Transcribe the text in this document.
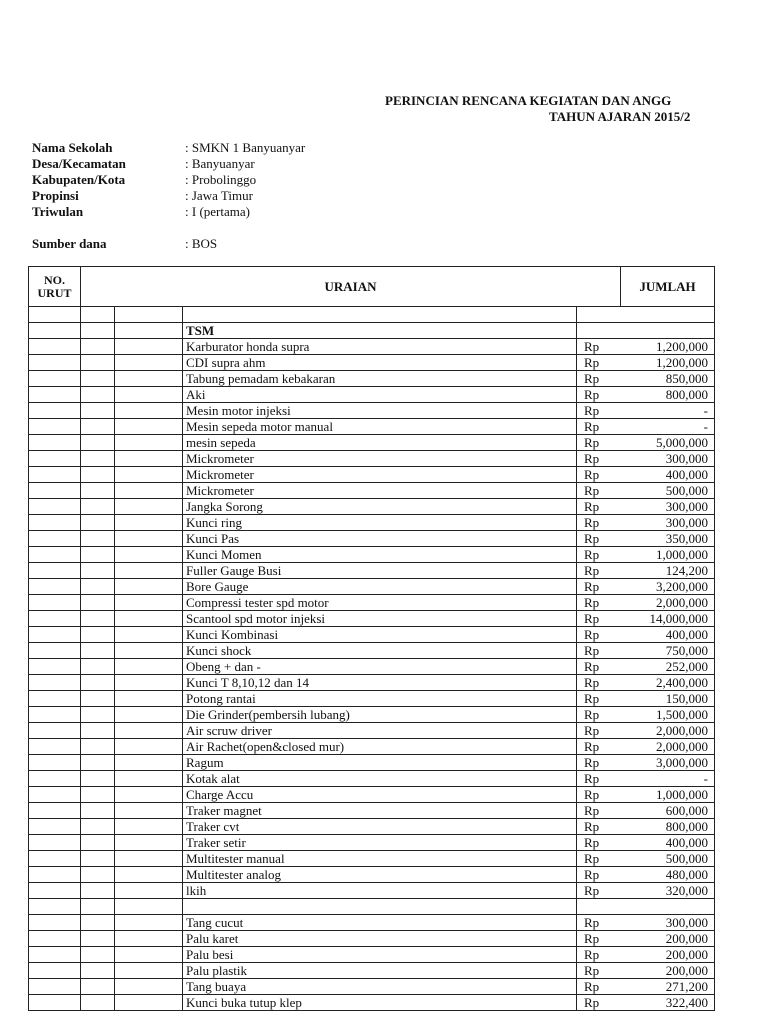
PERINCIAN RENCANA KEGIATAN DAN ANGG
TAHUN AJARAN 2015/2
Nama Sekolah	: SMKN 1 Banyuanyar
Desa/Kecamatan	: Banyuanyar
Kabupaten/Kota	: Probolinggo
Propinsi	: Jawa Timur
Triwulan	: I (pertama)
Sumber dana	: BOS
NO. URUT	URAIAN				JUMLAH

			TSM		
			Karburator honda supra	Rp	1,200,000
			CDI supra ahm	Rp	1,200,000
			Tabung pemadam kebakaran	Rp	850,000
			Aki	Rp	800,000
			Mesin motor injeksi	Rp	-
			Mesin sepeda motor manual	Rp	-
			mesin sepeda	Rp	5,000,000
			Mickrometer	Rp	300,000
			Mickrometer	Rp	400,000
			Mickrometer	Rp	500,000
			Jangka Sorong	Rp	300,000
			Kunci ring	Rp	300,000
			Kunci Pas	Rp	350,000
			Kunci Momen	Rp	1,000,000
			Fuller Gauge Busi	Rp	124,200
			Bore Gauge	Rp	3,200,000
			Compressi tester spd motor	Rp	2,000,000
			Scantool spd motor injeksi	Rp	14,000,000
			Kunci Kombinasi	Rp	400,000
			Kunci shock	Rp	750,000
			Obeng + dan -	Rp	252,000
			Kunci T 8,10,12 dan 14	Rp	2,400,000
			Potong rantai	Rp	150,000
			Die Grinder(pembersih lubang)	Rp	1,500,000
			Air scruw driver	Rp	2,000,000
			Air Rachet(open&closed mur)	Rp	2,000,000
			Ragum	Rp	3,000,000
			Kotak alat	Rp	-
			Charge Accu	Rp	1,000,000
			Traker magnet	Rp	600,000
			Traker cvt	Rp	800,000
			Traker setir	Rp	400,000
			Multitester manual	Rp	500,000
			Multitester analog	Rp	480,000
			lkih	Rp	320,000

			Tang cucut	Rp	300,000
			Palu karet	Rp	200,000
			Palu besi	Rp	200,000
			Palu plastik	Rp	200,000
			Tang buaya	Rp	271,200
			Kunci buka tutup klep	Rp	322,400
